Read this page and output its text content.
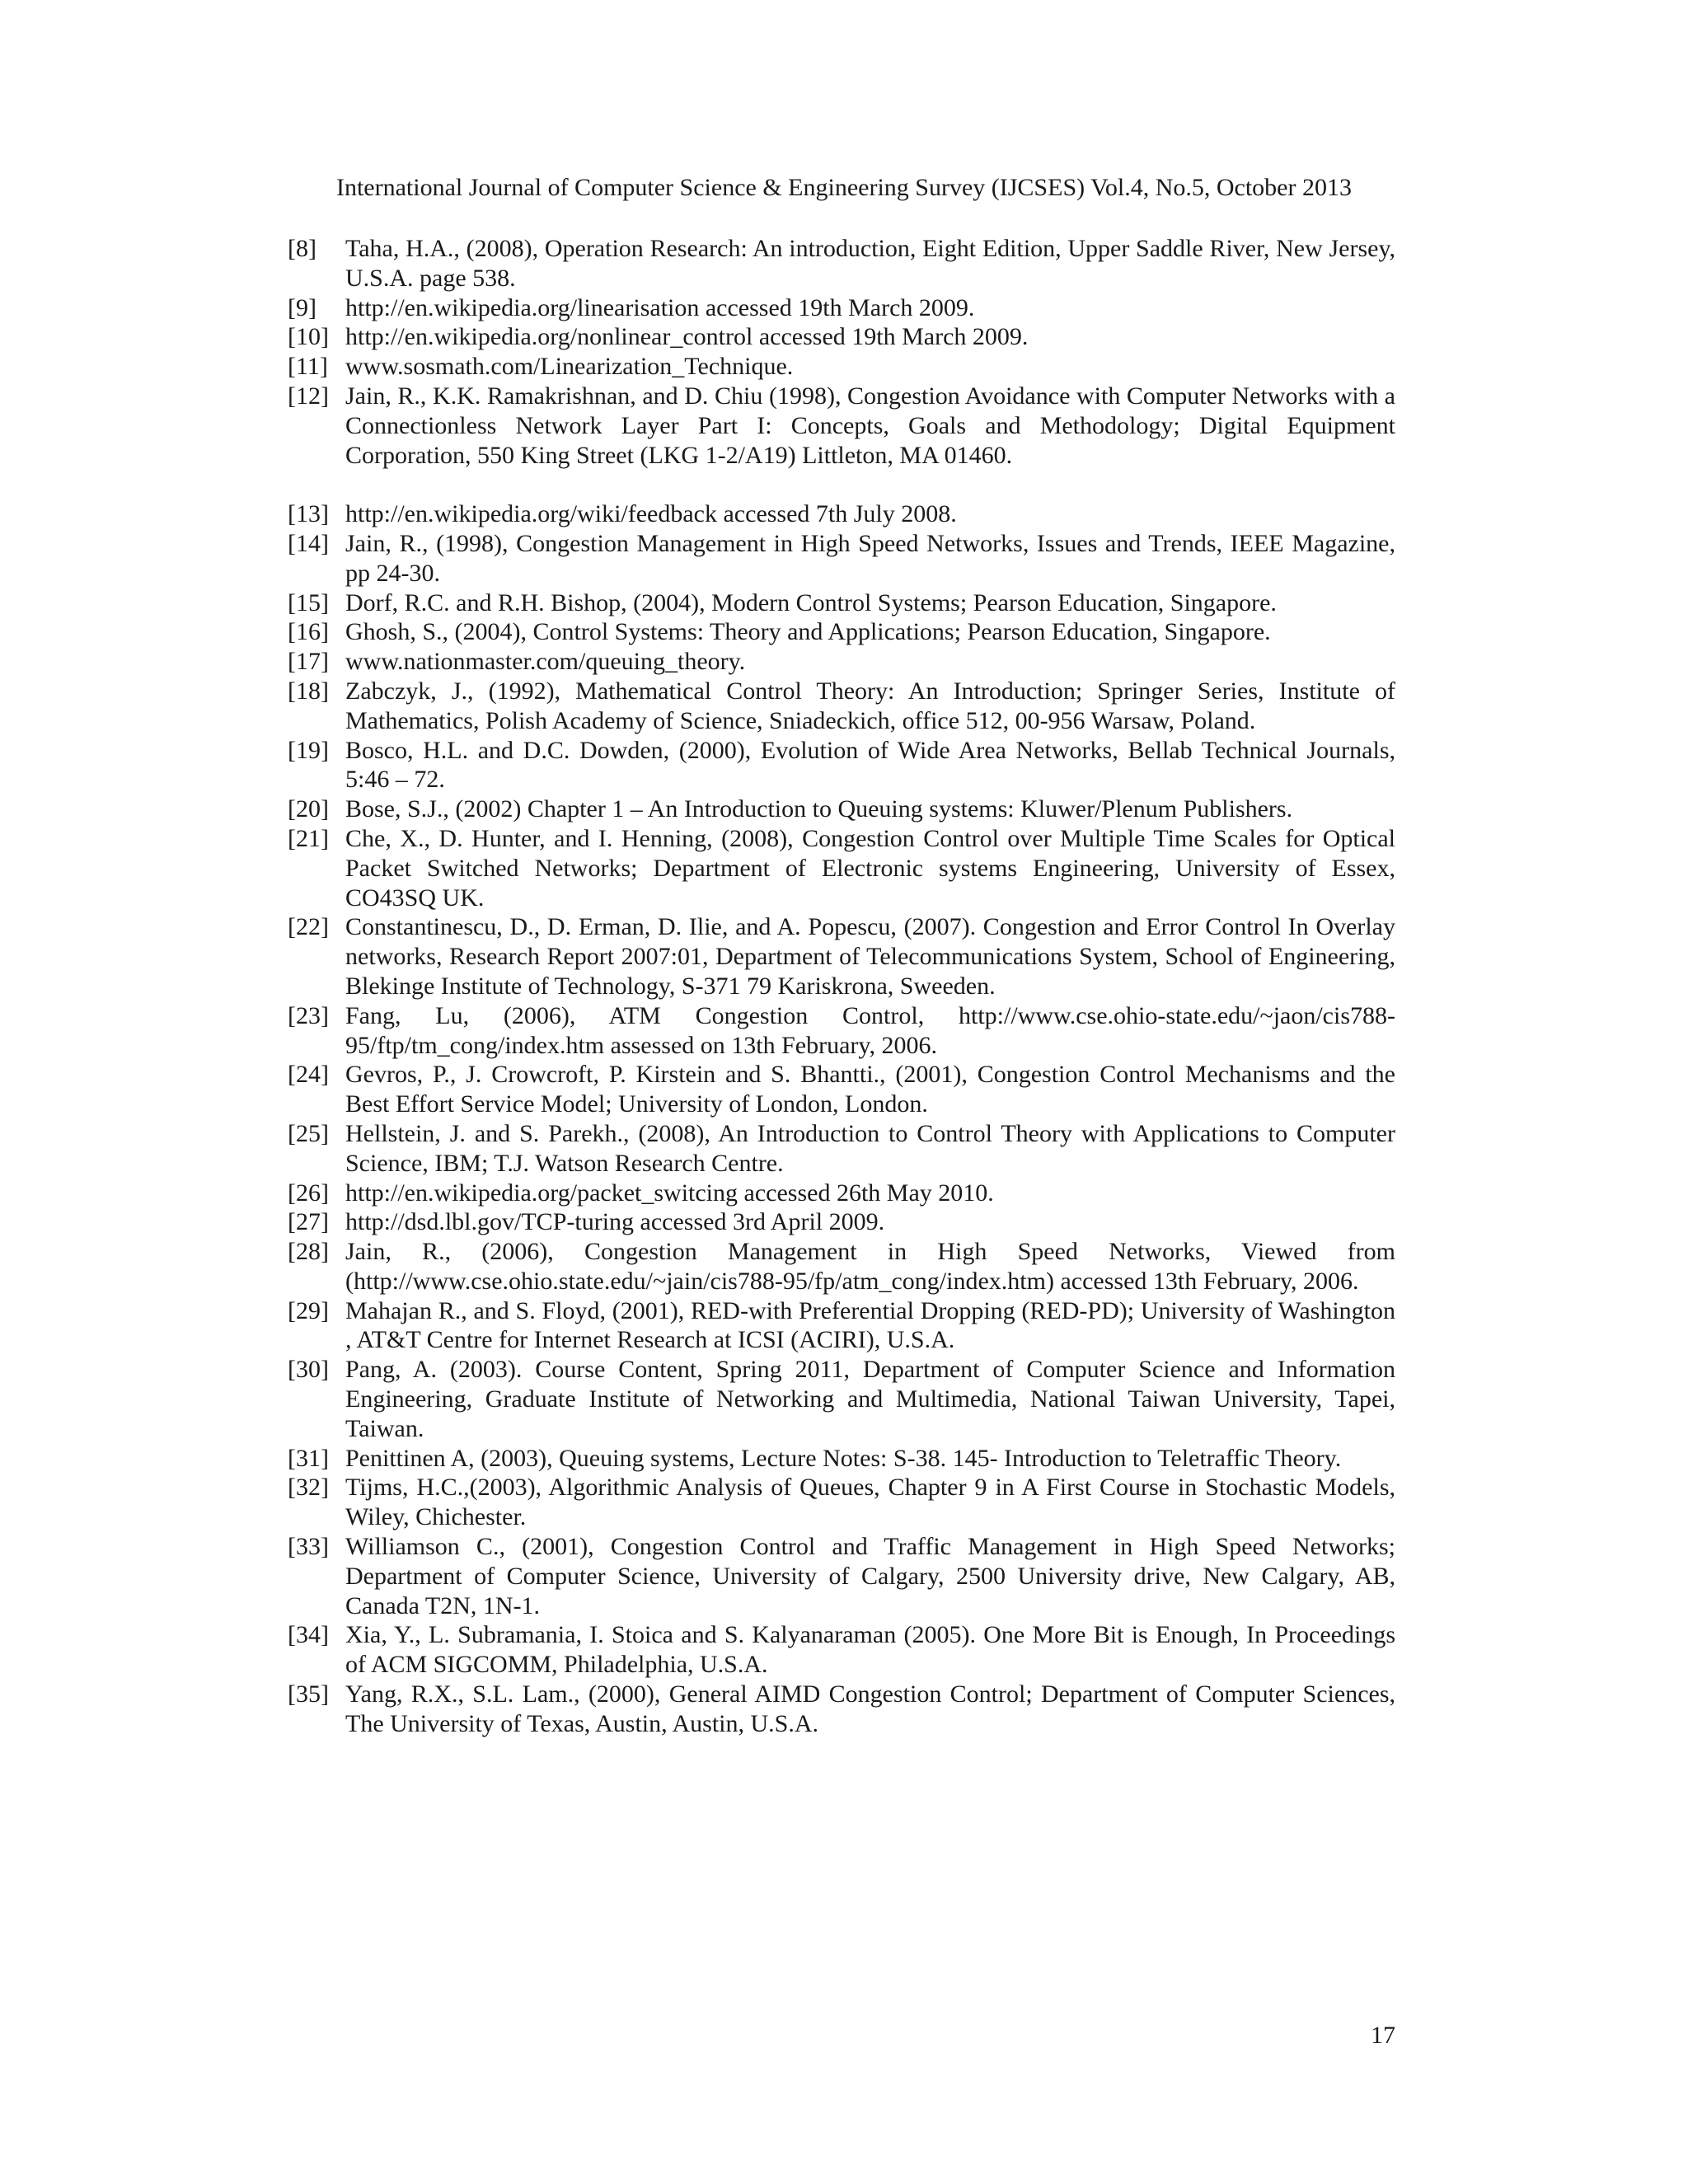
International Journal of Computer Science & Engineering Survey (IJCSES) Vol.4, No.5, October 2013
[8]	Taha, H.A., (2008), Operation Research: An introduction, Eight Edition, Upper Saddle River, New Jersey, U.S.A. page 538.
[9]	http://en.wikipedia.org/linearisation accessed 19th March 2009.
[10] http://en.wikipedia.org/nonlinear_control accessed 19th March 2009.
[11] www.sosmath.com/Linearization_Technique.
[12] Jain, R., K.K. Ramakrishnan, and D. Chiu (1998), Congestion Avoidance with Computer Networks with a Connectionless Network Layer Part I: Concepts, Goals and Methodology; Digital Equipment Corporation, 550 King Street (LKG 1-2/A19) Littleton, MA 01460.
[13] http://en.wikipedia.org/wiki/feedback accessed 7th July 2008.
[14] Jain, R., (1998), Congestion Management in High Speed Networks, Issues and Trends, IEEE Magazine, pp 24-30.
[15] Dorf, R.C. and R.H. Bishop, (2004), Modern Control Systems; Pearson Education, Singapore.
[16] Ghosh, S., (2004), Control Systems: Theory and Applications; Pearson Education, Singapore.
[17] www.nationmaster.com/queuing_theory.
[18] Zabczyk, J., (1992), Mathematical Control Theory: An Introduction; Springer Series, Institute of Mathematics, Polish Academy of Science, Sniadeckich, office 512, 00-956 Warsaw, Poland.
[19] Bosco, H.L. and D.C. Dowden, (2000), Evolution of Wide Area Networks, Bellab Technical Journals, 5:46 – 72.
[20] Bose, S.J., (2002) Chapter 1 – An Introduction to Queuing systems: Kluwer/Plenum Publishers.
[21] Che, X., D. Hunter, and I. Henning, (2008), Congestion Control over Multiple Time Scales for Optical Packet Switched Networks; Department of Electronic systems Engineering, University of Essex, CO43SQ UK.
[22] Constantinescu, D., D. Erman, D. Ilie, and A. Popescu, (2007). Congestion and Error Control In Overlay networks, Research Report 2007:01, Department of Telecommunications System, School of Engineering, Blekinge Institute of Technology, S-371 79 Kariskrona, Sweeden.
[23] Fang, Lu, (2006), ATM Congestion Control, http://www.cse.ohio-state.edu/~jaon/cis788-95/ftp/tm_cong/index.htm assessed on 13th February, 2006.
[24] Gevros, P., J. Crowcroft, P. Kirstein and S. Bhantti., (2001), Congestion Control Mechanisms and the Best Effort Service Model; University of London, London.
[25] Hellstein, J. and S. Parekh., (2008), An Introduction to Control Theory with Applications to Computer Science, IBM; T.J. Watson Research Centre.
[26] http://en.wikipedia.org/packet_switcing accessed 26th May 2010.
[27] http://dsd.lbl.gov/TCP-turing accessed 3rd April 2009.
[28] Jain, R., (2006), Congestion Management in High Speed Networks, Viewed from (http://www.cse.ohio.state.edu/~jain/cis788-95/fp/atm_cong/index.htm) accessed 13th February, 2006.
[29] Mahajan R., and S. Floyd, (2001), RED-with Preferential Dropping (RED-PD); University of Washington , AT&T Centre for Internet Research at ICSI (ACIRI), U.S.A.
[30] Pang, A. (2003). Course Content, Spring 2011, Department of Computer Science and Information Engineering, Graduate Institute of Networking and Multimedia, National Taiwan University, Tapei, Taiwan.
[31] Penittinen A, (2003), Queuing systems, Lecture Notes: S-38. 145- Introduction to Teletraffic Theory.
[32] Tijms, H.C.,(2003), Algorithmic Analysis of Queues, Chapter 9 in A First Course in Stochastic Models, Wiley, Chichester.
[33] Williamson C., (2001), Congestion Control and Traffic Management in High Speed Networks; Department of Computer Science, University of Calgary, 2500 University drive, New Calgary, AB, Canada T2N, 1N-1.
[34] Xia, Y., L. Subramania, I. Stoica and S. Kalyanaraman (2005). One More Bit is Enough, In Proceedings of ACM SIGCOMM, Philadelphia, U.S.A.
[35] Yang, R.X., S.L. Lam., (2000), General AIMD Congestion Control; Department of Computer Sciences, The University of Texas, Austin, Austin, U.S.A.
17
